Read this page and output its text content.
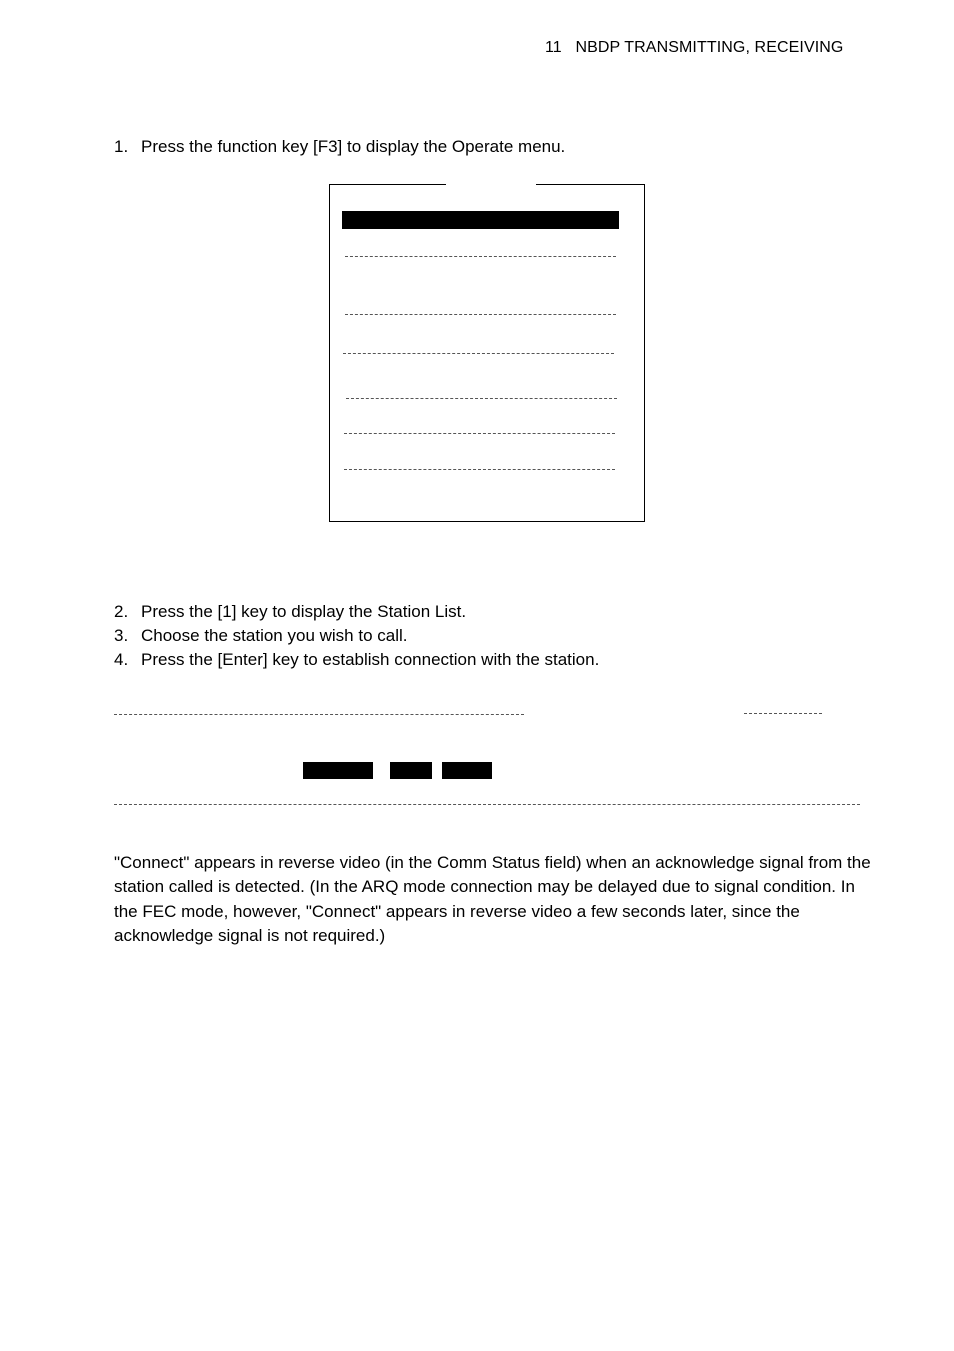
11 NBDP TRANSMITTING, RECEIVING
1. Press the function key [F3] to display the Operate menu.
2. Press the [1] key to display the Station List.
3. Choose the station you wish to call.
4. Press the [Enter] key to establish connection with the station.
"Connect" appears in reverse video (in the Comm Status field) when an acknowledge signal from the station called is detected. (In the ARQ mode connection may be delayed due to signal condition. In the FEC mode, however, "Connect" appears in reverse video a few seconds later, since the acknowledge signal is not required.)
